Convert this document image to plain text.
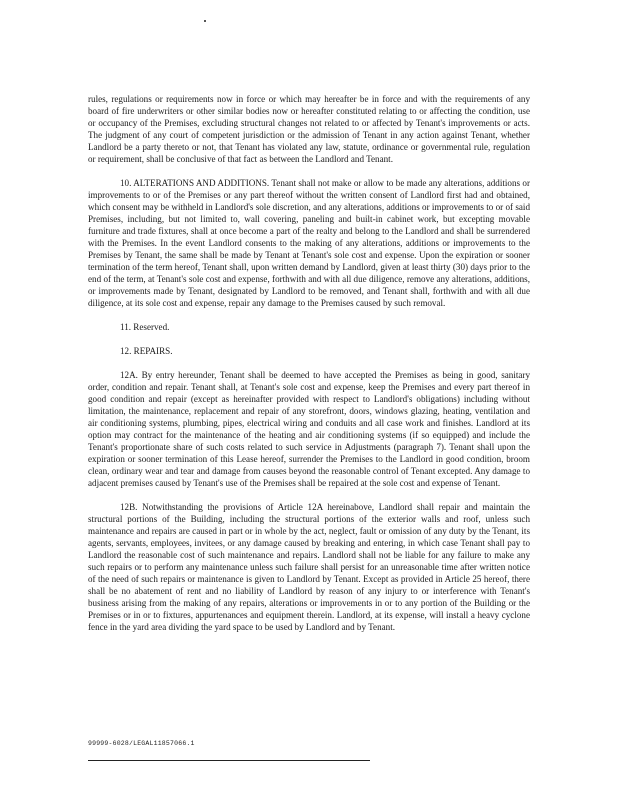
rules, regulations or requirements now in force or which may hereafter be in force and with the requirements of any board of fire underwriters or other similar bodies now or hereafter constituted relating to or affecting the condition, use or occupancy of the Premises, excluding structural changes not related to or affected by Tenant's improvements or acts. The judgment of any court of competent jurisdiction or the admission of Tenant in any action against Tenant, whether Landlord be a party thereto or not, that Tenant has violated any law, statute, ordinance or governmental rule, regulation or requirement, shall be conclusive of that fact as between the Landlord and Tenant.

10. ALTERATIONS AND ADDITIONS. Tenant shall not make or allow to be made any alterations, additions or improvements to or of the Premises or any part thereof without the written consent of Landlord first had and obtained, which consent may be withheld in Landlord's sole discretion, and any alterations, additions or improvements to or of said Premises, including, but not limited to, wall covering, paneling and built-in cabinet work, but excepting movable furniture and trade fixtures, shall at once become a part of the realty and belong to the Landlord and shall be surrendered with the Premises. In the event Landlord consents to the making of any alterations, additions or improvements to the Premises by Tenant, the same shall be made by Tenant at Tenant's sole cost and expense. Upon the expiration or sooner termination of the term hereof, Tenant shall, upon written demand by Landlord, given at least thirty (30) days prior to the end of the term, at Tenant's sole cost and expense, forthwith and with all due diligence, remove any alterations, additions, or improvements made by Tenant, designated by Landlord to be removed, and Tenant shall, forthwith and with all due diligence, at its sole cost and expense, repair any damage to the Premises caused by such removal.

11. Reserved.

12. REPAIRS.

12A. By entry hereunder, Tenant shall be deemed to have accepted the Premises as being in good, sanitary order, condition and repair. Tenant shall, at Tenant's sole cost and expense, keep the Premises and every part thereof in good condition and repair (except as hereinafter provided with respect to Landlord's obligations) including without limitation, the maintenance, replacement and repair of any storefront, doors, windows glazing, heating, ventilation and air conditioning systems, plumbing, pipes, electrical wiring and conduits and all case work and finishes. Landlord at its option may contract for the maintenance of the heating and air conditioning systems (if so equipped) and include the Tenant's proportionate share of such costs related to such service in Adjustments (paragraph 7). Tenant shall upon the expiration or sooner termination of this Lease hereof, surrender the Premises to the Landlord in good condition, broom clean, ordinary wear and tear and damage from causes beyond the reasonable control of Tenant excepted. Any damage to adjacent premises caused by Tenant's use of the Premises shall be repaired at the sole cost and expense of Tenant.

12B. Notwithstanding the provisions of Article 12A hereinabove, Landlord shall repair and maintain the structural portions of the Building, including the structural portions of the exterior walls and roof, unless such maintenance and repairs are caused in part or in whole by the act, neglect, fault or omission of any duty by the Tenant, its agents, servants, employees, invitees, or any damage caused by breaking and entering, in which case Tenant shall pay to Landlord the reasonable cost of such maintenance and repairs. Landlord shall not be liable for any failure to make any such repairs or to perform any maintenance unless such failure shall persist for an unreasonable time after written notice of the need of such repairs or maintenance is given to Landlord by Tenant. Except as provided in Article 25 hereof, there shall be no abatement of rent and no liability of Landlord by reason of any injury to or interference with Tenant's business arising from the making of any repairs, alterations or improvements in or to any portion of the Building or the Premises or in or to fixtures, appurtenances and equipment therein. Landlord, at its expense, will install a heavy cyclone fence in the yard area dividing the yard space to be used by Landlord and by Tenant.

99999-6028/LEGAL11857066.1
